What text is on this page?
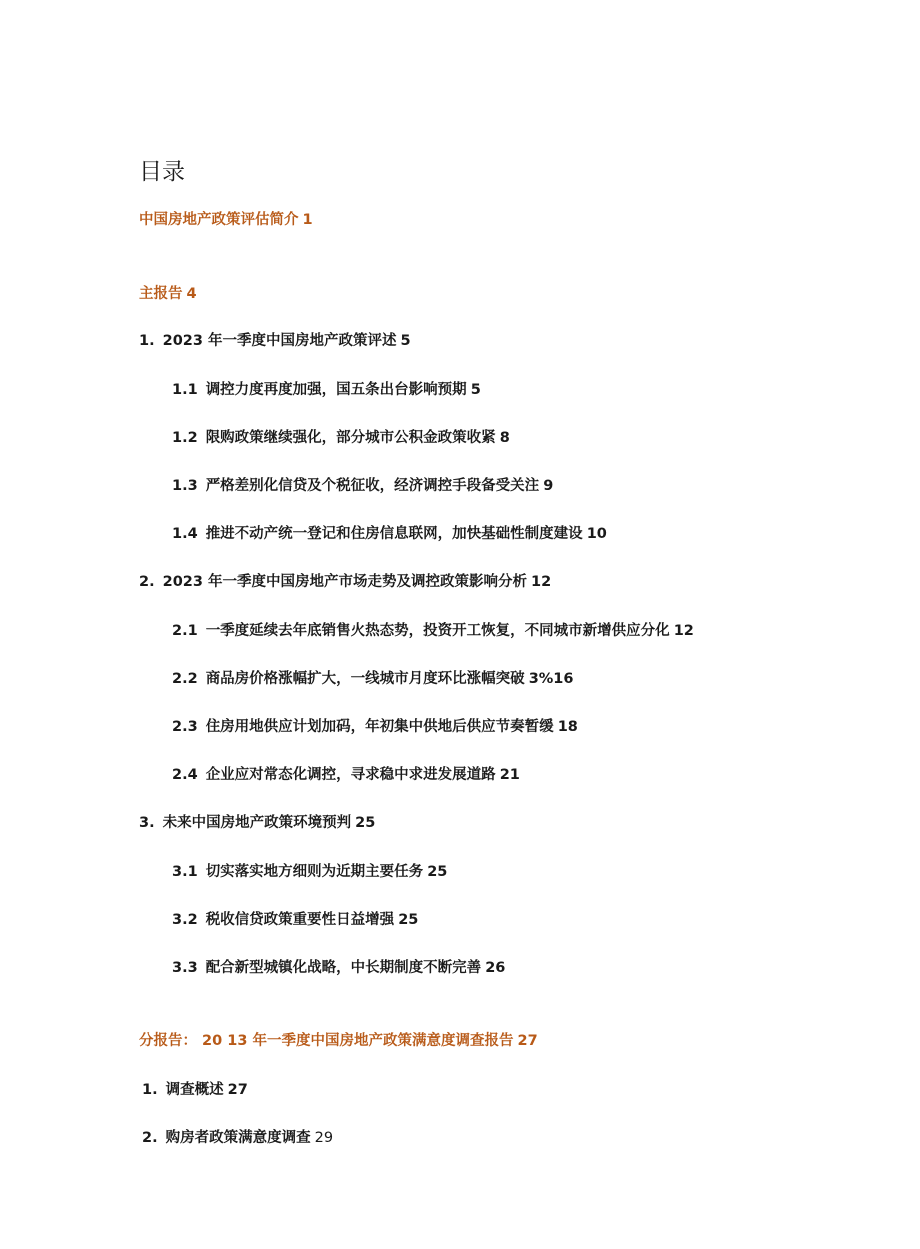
目录
中国房地产政策评估简介 1
主报告 4
1. 2023 年一季度中国房地产政策评述 5
1.1 调控力度再度加强，国五条出台影响预期 5
1.2 限购政策继续强化，部分城市公积金政策收紧 8
1.3 严格差别化信贷及个税征收，经济调控手段备受关注 9
1.4 推进不动产统一登记和住房信息联网，加快基础性制度建设 10
2. 2023 年一季度中国房地产市场走势及调控政策影响分析 12
2.1 一季度延续去年底销售火热态势，投资开工恢复，不同城市新增供应分化 12
2.2 商品房价格涨幅扩大，一线城市月度环比涨幅突破 3%16
2.3 住房用地供应计划加码，年初集中供地后供应节奏暂缓 18
2.4 企业应对常态化调控，寻求稳中求进发展道路 21
3. 未来中国房地产政策环境预判 25
3.1 切实落实地方细则为近期主要任务 25
3.2 税收信贷政策重要性日益增强 25
3.3 配合新型城镇化战略，中长期制度不断完善 26
分报告： 20 13 年一季度中国房地产政策满意度调查报告 27
1. 调查概述 27
2. 购房者政策满意度调查 29
